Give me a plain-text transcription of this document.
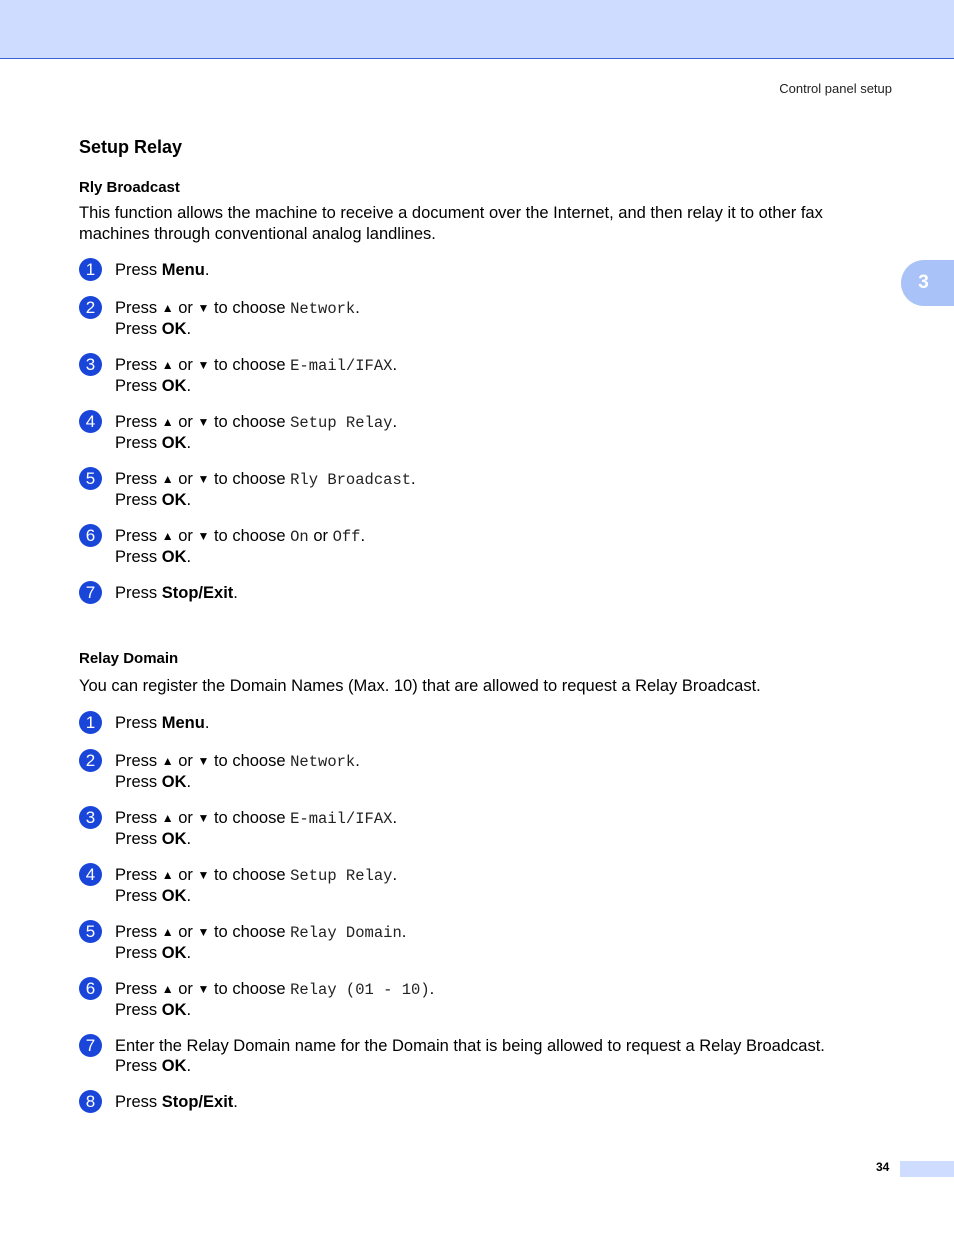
Control panel setup
3
Setup Relay
Rly Broadcast

This function allows the machine to receive a document over the Internet, and then relay it to other fax machines through conventional analog landlines.

1	Press Menu.
2	Press ▲ or ▼ to choose Network.
Press OK.
3	Press ▲ or ▼ to choose E-mail/IFAX.
Press OK.
4	Press ▲ or ▼ to choose Setup Relay.
Press OK.
5	Press ▲ or ▼ to choose Rly Broadcast.
Press OK.
6	Press ▲ or ▼ to choose On or Off.
Press OK.
7	Press Stop/Exit.
Relay Domain

You can register the Domain Names (Max. 10) that are allowed to request a Relay Broadcast.

1	Press Menu.
2	Press ▲ or ▼ to choose Network.
Press OK.
3	Press ▲ or ▼ to choose E-mail/IFAX.
Press OK.
4	Press ▲ or ▼ to choose Setup Relay.
Press OK.
5	Press ▲ or ▼ to choose Relay Domain.
Press OK.
6	Press ▲ or ▼ to choose Relay (01 - 10).
Press OK.
7	Enter the Relay Domain name for the Domain that is being allowed to request a Relay Broadcast.
Press OK.
8	Press Stop/Exit.
34
